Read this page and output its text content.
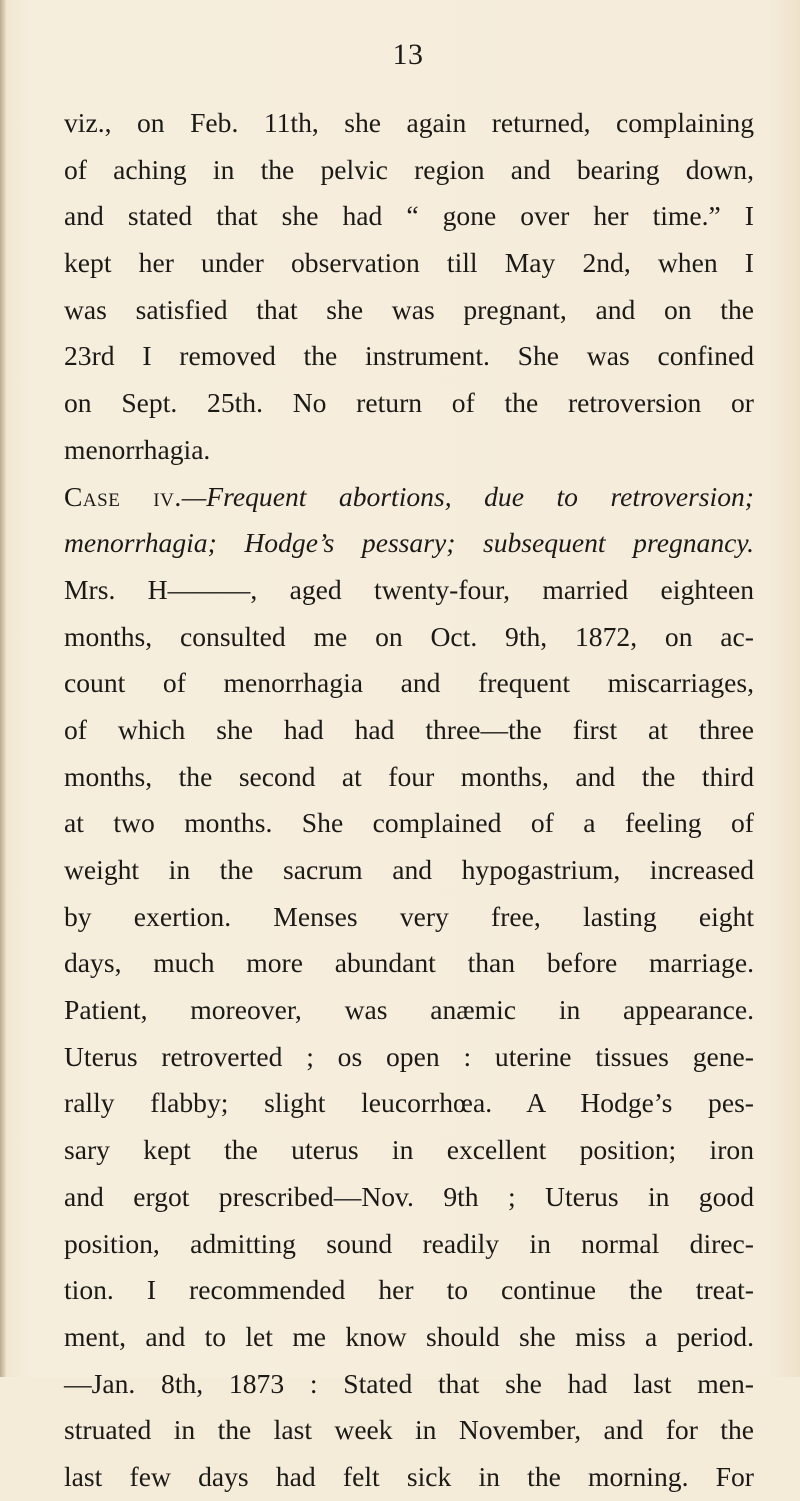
13
viz., on Feb. 11th, she again returned, complaining
of aching in the pelvic region and bearing down,
and stated that she had “ gone over her time.” I
kept her under observation till May 2nd, when I
was satisfied that she was pregnant, and on the
23rd I removed the instrument. She was confined
on Sept. 25th. No return of the retroversion or
menorrhagia.
Case iv.—Frequent abortions, due to retroversion;
menorrhagia; Hodge’s pessary; subsequent pregnancy.
Mrs. H———, aged twenty-four, married eighteen
months, consulted me on Oct. 9th, 1872, on ac-
count of menorrhagia and frequent miscarriages,
of which she had had three—the first at three
months, the second at four months, and the third
at two months. She complained of a feeling of
weight in the sacrum and hypogastrium, increased
by exertion. Menses very free, lasting eight
days, much more abundant than before marriage.
Patient, moreover, was anæmic in appearance.
Uterus retroverted ; os open : uterine tissues gene-
rally flabby; slight leucorrhœa. A Hodge’s pes-
sary kept the uterus in excellent position; iron
and ergot prescribed—Nov. 9th ; Uterus in good
position, admitting sound readily in normal direc-
tion. I recommended her to continue the treat-
ment, and to let me know should she miss a period.
—Jan. 8th, 1873 : Stated that she had last men-
struated in the last week in November, and for the
last few days had felt sick in the morning. For
